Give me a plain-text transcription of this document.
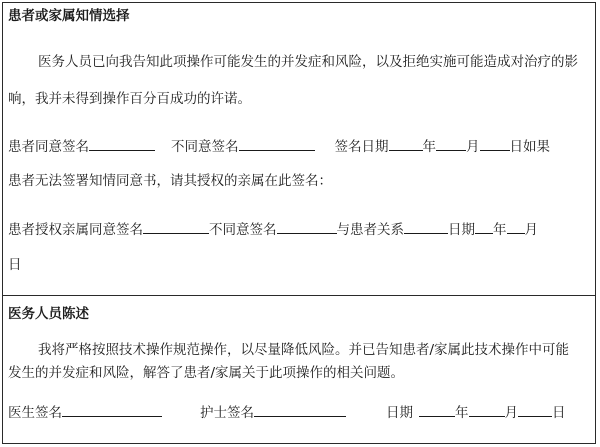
患者或家属知情选择
医务人员已向我告知此项操作可能发生的并发症和风险，以及拒绝实施可能造成对治疗的影
响，我并未得到操作百分百成功的许诺。
患者同意签名	不同意签名	签名日期	年 月 日如果
患者无法签署知情同意书，请其授权的亲属在此签名：
患者授权亲属同意签名	不同意签名	与患者关系	日期 年 月
日
医务人员陈述
我将严格按照技术操作规范操作，以尽量降低风险。并已告知患者/家属此技术操作中可能
发生的并发症和风险，解答了患者/家属关于此项操作的相关问题。
医生签名	护士签名	日期	年	月	日
